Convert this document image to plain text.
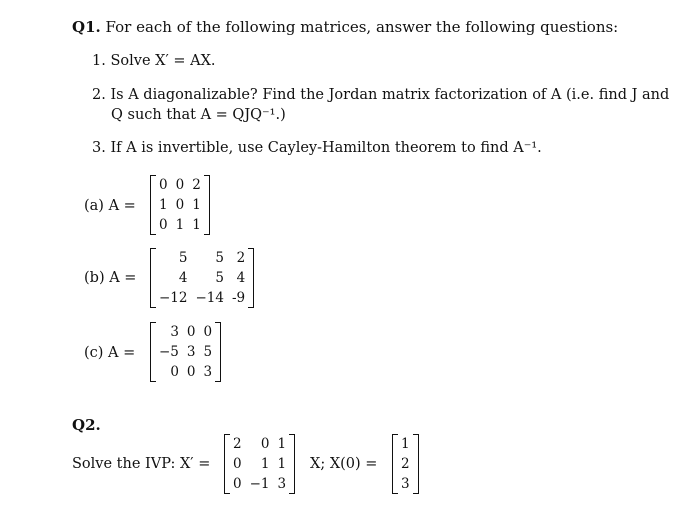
Q1. For each of the following matrices, answer the following questions:
1. Solve X′ = AX.
2. Is A diagonalizable? Find the Jordan matrix factorization of A (i.e. find J and
Q such that A = QJQ⁻¹.)
3. If A is invertible, use Cayley-Hamilton theorem to find A⁻¹.
(a) A =
0 0 2
1 0 1
0 1 1
(b) A =
5	5 2
4	5 4
−12 −14 -9
(c) A =
3 0 0
−5 3 5
0 0 3
Q2.
Solve the IVP: X′ =
2	0 1
0	1 1
0 −1 3
X; X(0) =
1
2
3
